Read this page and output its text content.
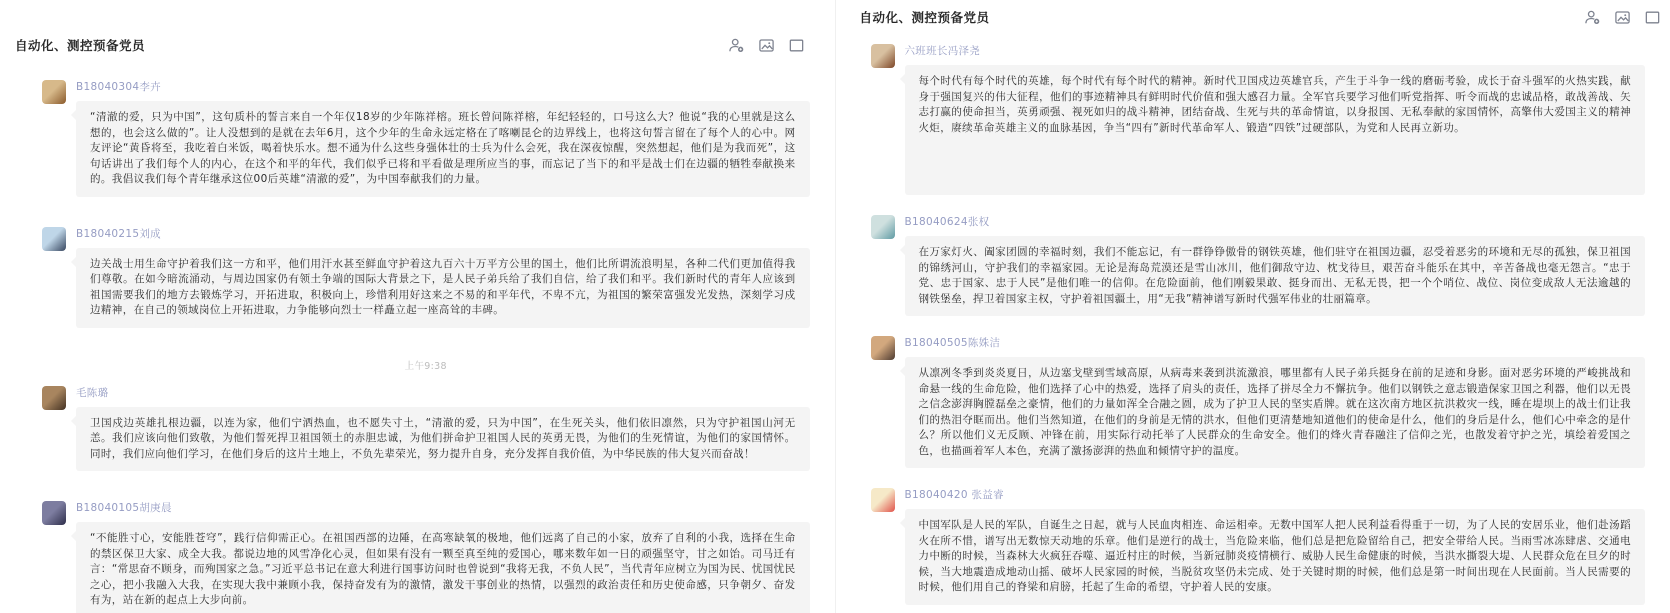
自动化、测控预备党员
B18040304李卉
“清澈的爱，只为中国”，这句质朴的誓言来自一个年仅18岁的少年陈祥榕。班长曾问陈祥榕，年纪轻轻的，口号这么大？他说“我的心里就是这么想的，也会这么做的”。让人没想到的是就在去年6月，这个少年的生命永远定格在了喀喇昆仑的边界线上，也将这句誓言留在了每个人的心中。网友评论“黄昏将至，我吃着白米饭，喝着快乐水。想不通为什么这些身强体壮的士兵为什么会死，我在深夜惊醒，突然想起，他们是为我而死”，这句话讲出了我们每个人的内心，在这个和平的年代，我们似乎已将和平看做是理所应当的事，而忘记了当下的和平是战士们在边疆的牺牲奉献换来的。我倡议我们每个青年继承这位00后英雄“清澈的爱”，为中国奉献我们的力量。
B18040215刘成
边关战士用生命守护着我们这一方和平，他们用汗水甚至鲜血守护着这九百六十万平方公里的国土，他们比所谓流浪明星，各种二代们更加值得我们尊敬。在如今暗流涌动，与周边国家仍有领土争端的国际大背景之下，是人民子弟兵给了我们自信，给了我们和平。我们新时代的青年人应该到祖国需要我们的地方去锻炼学习，开拓进取，积极向上，珍惜利用好这来之不易的和平年代，不卑不亢，为祖国的繁荣富强发光发热，深刻学习戍边精神，在自己的领域岗位上开拓进取，力争能够向烈士一样矗立起一座高耸的丰碑。
上午9:38
毛陈璐
卫国戍边英雄扎根边疆，以连为家，他们宁洒热血，也不愿失寸土，“清澈的爱，只为中国”，在生死关头，他们依旧凛然，只为守护祖国山河无恙。我们应该向他们致敬，为他们誓死捍卫祖国领土的赤胆忠诚，为他们拼命护卫祖国人民的英勇无畏，为他们的生死情谊，为他们的家国情怀。同时，我们应向他们学习，在他们身后的这片土地上，不负先辈荣光，努力提升自身，充分发挥自我价值，为中华民族的伟大复兴而奋战！
B18040105胡庚晨
“不能胜寸心，安能胜苍穹”，践行信仰需正心。在祖国西部的边陲，在高寒缺氧的极地，他们远离了自己的小家，放弃了自利的小我，选择在生命的禁区保卫大家、成全大我。都说边地的风雪净化心灵，但如果有没有一颗至真至纯的爱国心，哪来数年如一日的顽强坚守，甘之如饴。司马迁有言：“常思奋不顾身，而殉国家之急。”习近平总书记在意大利进行国事访问时也曾说到“我将无我，不负人民”，当代青年应树立为国为民、忧国忧民之心，把小我融入大我，在实现大我中兼顾小我，保持奋发有为的激情，激发干事创业的热情，以强烈的政治责任和历史使命感，只争朝夕、奋发有为，站在新的起点上大步向前。
自动化、测控预备党员
六班班长冯泽尧
每个时代有每个时代的英雄，每个时代有每个时代的精神。新时代卫国戍边英雄官兵，产生于斗争一线的磨砺考验，成长于奋斗强军的火热实践，献身于强国复兴的伟大征程，他们的事迹精神具有鲜明时代价值和强大感召力量。全军官兵要学习他们听党指挥、听令而战的忠诚品格，敢战善战、矢志打赢的使命担当，英勇顽强、视死如归的战斗精神，团结奋战、生死与共的革命情谊，以身报国、无私奉献的家国情怀，高擎伟大爱国主义的精神火炬，赓续革命英雄主义的血脉基因，争当“四有”新时代革命军人、锻造“四铁”过硬部队，为党和人民再立新功。
B18040624张权
在万家灯火、阖家团圆的幸福时刻，我们不能忘记，有一群铮铮傲骨的钢铁英雄，他们驻守在祖国边疆，忍受着恶劣的环境和无尽的孤独，保卫祖国的锦绣河山，守护我们的幸福家园。无论是海岛荒漠还是雪山冰川，他们御敌守边、枕戈待旦，艰苦奋斗能乐在其中，辛苦备战也毫无怨言。“忠于党、忠于国家、忠于人民”是他们唯一的信仰。在危险面前，他们刚毅果敢、挺身而出、无私无畏，把一个个哨位、战位、岗位变成敌人无法逾越的钢铁堡垒，捍卫着国家主权，守护着祖国疆土，用“无我”精神谱写新时代强军伟业的壮丽篇章。
B18040505陈姝洁
从凛冽冬季到炎炎夏日，从边塞戈壁到雪域高原，从病毒来袭到洪流激浪，哪里都有人民子弟兵挺身在前的足迹和身影。面对恶劣环境的严峻挑战和命悬一线的生命危险，他们选择了心中的热爱，选择了肩头的责任，选择了拼尽全力不懈抗争。他们以钢铁之意志锻造保家卫国之利器，他们以无畏之信念澎湃胸膛磊垒之豪情，他们的力量如浑全合融之圆，成为了护卫人民的坚实盾牌。就在这次南方地区抗洪救灾一线，睡在堤坝上的战士们让我们的热泪夺眶而出。他们当然知道，在他们的身前是无情的洪水，但他们更清楚地知道他们的使命是什么，他们的身后是什么，他们心中牵念的是什么？所以他们义无反顾、冲锋在前，用实际行动托举了人民群众的生命安全。他们的烽火青春融注了信仰之光，也散发着守护之光，填绘着爱国之色，也描画着军人本色，充满了激扬澎湃的热血和倾情守护的温度。
B18040420 张益睿
中国军队是人民的军队，自诞生之日起，就与人民血肉相连、命运相牵。无数中国军人把人民利益看得重于一切，为了人民的安居乐业，他们赴汤蹈火在所不惜，谱写出无数惊天动地的乐章。他们是逆行的战士，当危险来临，他们总是把危险留给自己，把安全带给人民。当雨雪冰冻肆虐、交通电力中断的时候，当森林大火疯狂吞噬、逼近村庄的时候，当新冠肺炎疫情横行、威胁人民生命健康的时候，当洪水撕裂大堤、人民群众危在旦夕的时候，当大地震造成地动山摇、破坏人民家园的时候，当脱贫攻坚仍未完成、处于关键时期的时候，他们总是第一时间出现在人民面前。当人民需要的时候，他们用自己的脊梁和肩膀，托起了生命的希望，守护着人民的安康。
